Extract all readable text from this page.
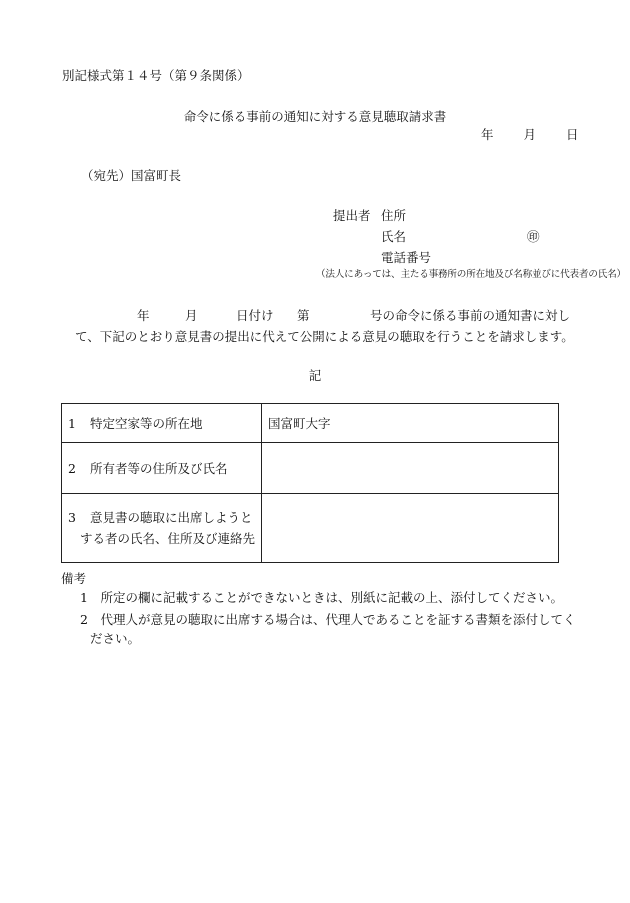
別記様式第１４号（第９条関係）
命令に係る事前の通知に対する意見聴取請求書
年 月 日
（宛先）国富町長
提出者 住所
氏名	㊞
電話番号
（法人にあっては、主たる事務所の所在地及び名称並びに代表者の氏名）
年	月	日付け 第	号の命令に係る事前の通知書に対し
て、下記のとおり意見書の提出に代えて公開による意見の聴取を行うことを請求します。
記
1 特定空家等の所在地	国富町大字
2 所有者等の住所及び氏名	

3 意見書の聴取に出席しようと
する者の氏名、住所及び連絡先	

備考
1　所定の欄に記載することができないときは、別紙に記載の上、添付してください。
2　代理人が意見の聴取に出席する場合は、代理人であることを証する書類を添付してく
ださい。
